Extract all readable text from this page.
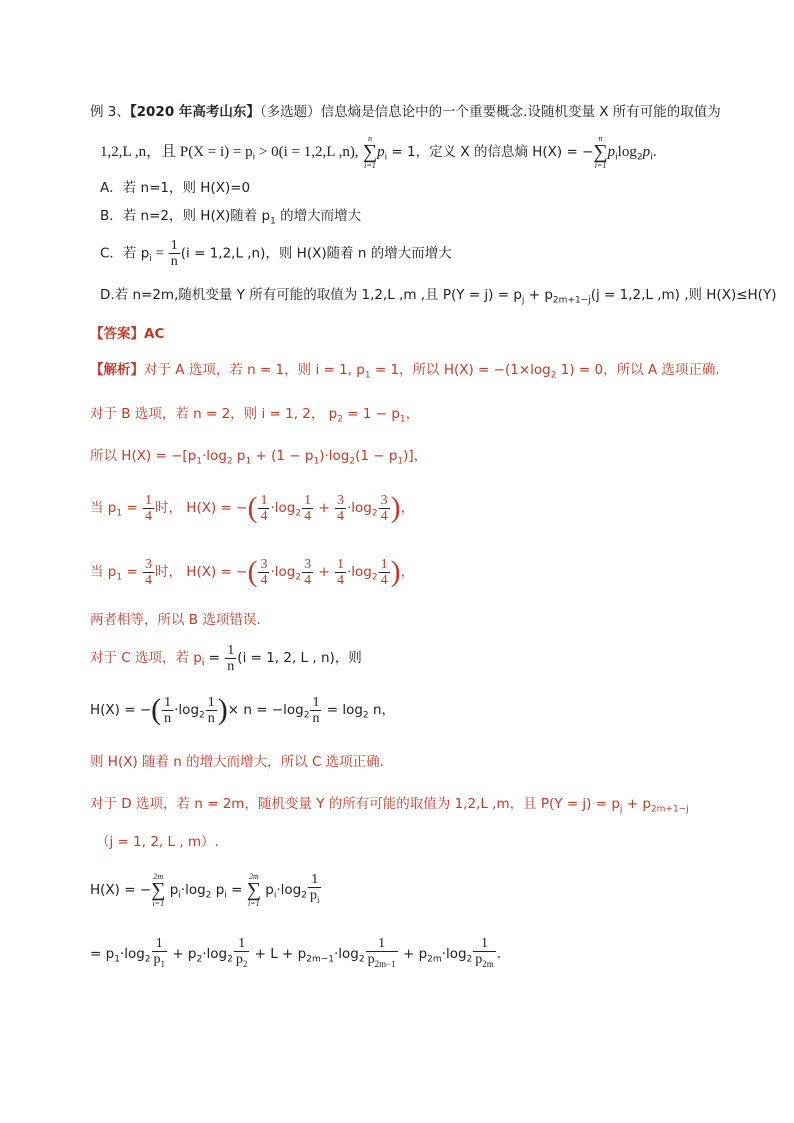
例 3、【2020 年高考山东】（多选题）信息熵是信息论中的一个重要概念.设随机变量 X 所有可能的取值为
1,2,L ,n，且 $P(X = i) = p_i > 0(i = 1,2,L$ ,n),
n
∑
i=1
$p_i = 1$，定义 X 的信息熵 H(X) = −
n
∑
i=1
$p_i\log_2p_i$.
A．若 n=1，则 H(X)=0
B．若 n=2，则 H(X)随着 $p_1$ 的增大而增大
C．若 $p_i = \frac{1}{n} (i = 1,2,L$ ,n)，则 H(X)随着 n 的增大而增大
D.若 n=2m,随机变量 Y 所有可能的取值为 1,2,L ,m ,且 $P(Y = j) = p_j + p_{2m+1-j}(j = 1,2,L$ ,m) ,则 H(X)≤H(Y)
【答案】AC
【解析】对于 A 选项，若 n = 1，则 i = 1, $p_1 = 1$，所以 $H(X) = -(1\times\log_2$ 1) = 0，所以 A 选项正确.
对于 B 选项，若 n = 2，则 i = 1, 2， $p_2 = 1 - p_1$，
所以 $H(X) = -[p_1\cdot\log_2$ $p_1 + (1 - p_1)\cdot\log_2(1 - p_1)$]，
当 $p_1 = \frac{1}{4}$ 时， H(X) = −( $\frac{1}{4} \cdot\log_2 \frac{1}{4} + \frac{3}{4} \cdot\log_2 \frac{3}{4}$ )，
当 $p_1 = \frac{3}{4}$ 时， H(X) = −( $\frac{3}{4} \cdot\log_2 \frac{3}{4} + \frac{1}{4} \cdot\log_2 \frac{1}{4}$ )，
两者相等，所以 B 选项错误.
对于 C 选项，若 $p_i = \frac{1}{n} (i = 1$, 2, L , n)，则
H(X) = −( $\frac{1}{n} \cdot\log_2 \frac{1}{n}$ )× $n = -\log_2 \frac{1}{n} = \log_2 n$，
则 H(X) 随着 n 的增大而增大，所以 C 选项正确.
对于 D 选项，若 n = 2m，随机变量 Y 的所有可能的取值为 1,2,L ,m，且 $P(Y = j) = p_j + p_{2m+1-j}$
（j = 1, 2, L , m）.
H(X) = −
2m
∑
i=1
$p_i\cdot\log_2$ $p_i$ =
2m
∑
i=1
$p_i\cdot\log_2 \frac{1}{p_i}$
= $p_1\cdot\log_2 \frac{1}{p_1} + p_2\cdot\log_2 \frac{1}{p_2} + L + p_{2m-1}\cdot\log_2 \frac{1}{p_{2m-1}} + p_{2m}\cdot\log_2 \frac{1}{p_{2m}}$ .
